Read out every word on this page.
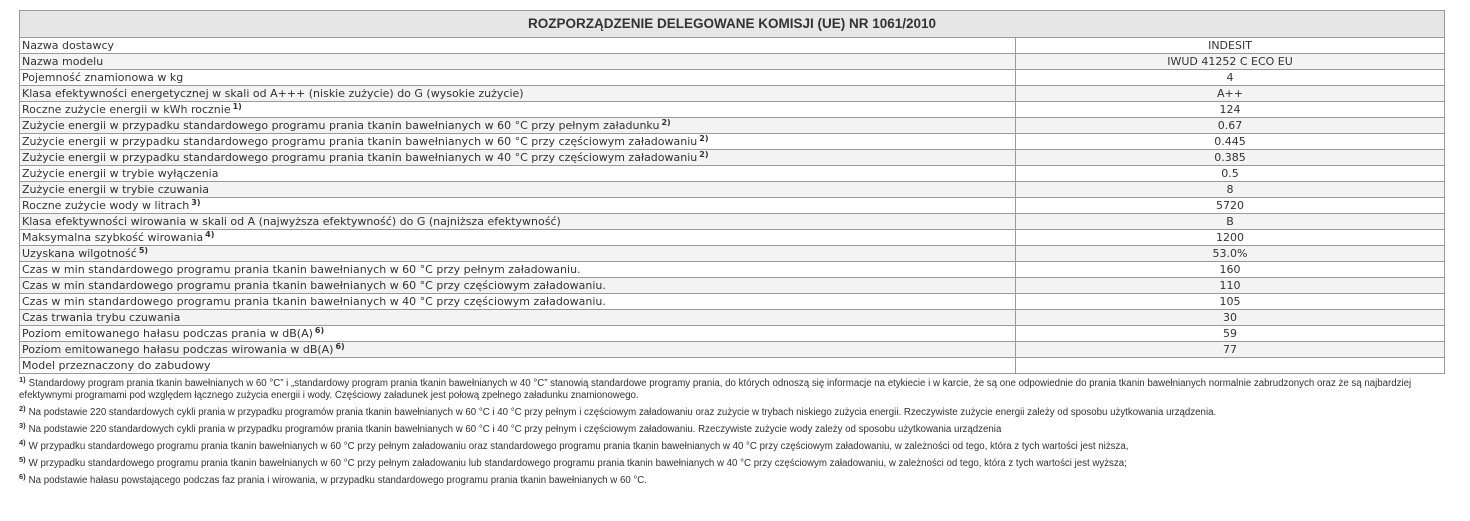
ROZPORZĄDZENIE DELEGOWANE KOMISJI (UE) NR 1061/2010	
Nazwa dostawcy	INDESIT
Nazwa modelu	IWUD 41252 C ECO EU
Pojemność znamionowa w kg	4
Klasa efektywności energetycznej w skali od A+++ (niskie zużycie) do G (wysokie zużycie)	A++
Roczne zużycie energii w kWh rocznie $^{1)}$	124
Zużycie energii w przypadku standardowego programu prania tkanin bawełnianych w 60 °C przy pełnym załadunku $^{2)}$	0.67
Zużycie energii w przypadku standardowego programu prania tkanin bawełnianych w 60 °C przy częściowym załadowaniu $^{2)}$	0.445
Zużycie energii w przypadku standardowego programu prania tkanin bawełnianych w 40 °C przy częściowym załadowaniu $^{2)}$	0.385
Zużycie energii w trybie wyłączenia	0.5
Zużycie energii w trybie czuwania	8
Roczne zużycie wody w litrach $^{3)}$	5720
Klasa efektywności wirowania w skali od A (najwyższa efektywność) do G (najniższa efektywność)	B
Maksymalna szybkość wirowania $^{4)}$	1200
Uzyskana wilgotność $^{5)}$	53.0%
Czas w min standardowego programu prania tkanin bawełnianych w 60 °C przy pełnym załadowaniu.	160
Czas w min standardowego programu prania tkanin bawełnianych w 60 °C przy częściowym załadowaniu.	110
Czas w min standardowego programu prania tkanin bawełnianych w 40 °C przy częściowym załadowaniu.	105
Czas trwania trybu czuwania	30
Poziom emitowanego hałasu podczas prania w dB(A) $^{6)}$	59
Poziom emitowanego hałasu podczas wirowania w dB(A) $^{6)}$	77
Model przeznaczony do zabudowy	
$^{1)}$ Standardowy program prania tkanin bawełnianych w 60 °C” i „standardowy program prania tkanin bawełnianych w 40 °C” stanowią standardowe programy prania, do których odnoszą się informacje na etykiecie i w karcie, że są one odpowiednie do prania tkanin bawełnianych normalnie zabrudzonych oraz że są najbardziej efektywnymi programami pod względem łącznego zużycia energii i wody. Częściowy załadunek jest połową zpełnego załadunku znamionowego.
$^{2)}$ Na podstawie 220 standardowych cykli prania w przypadku programów prania tkanin bawełnianych w 60 °C i 40 °C przy pełnym i częściowym załadowaniu oraz zużycie w trybach niskiego zużycia energii. Rzeczywiste zużycie energii zależy od sposobu użytkowania urządzenia.
$^{3)}$ Na podstawie 220 standardowych cykli prania w przypadku programów prania tkanin bawełnianych w 60 °C i 40 °C przy pełnym i częściowym załadowaniu. Rzeczywiste zużycie wody zależy od sposobu użytkowania urządzenia
$^{4)}$ W przypadku standardowego programu prania tkanin bawełnianych w 60 °C przy pełnym załadowaniu oraz standardowego programu prania tkanin bawełnianych w 40 °C przy częściowym załadowaniu, w zależności od tego, która z tych wartości jest niższa,
$^{5)}$ W przypadku standardowego programu prania tkanin bawełnianych w 60 °C przy pełnym załadowaniu lub standardowego programu prania tkanin bawełnianych w 40 °C przy częściowym załadowaniu, w zależności od tego, która z tych wartości jest wyższa;
$^{6)}$ Na podstawie hałasu powstającego podczas faz prania i wirowania, w przypadku standardowego programu prania tkanin bawełnianych w 60 °C.
